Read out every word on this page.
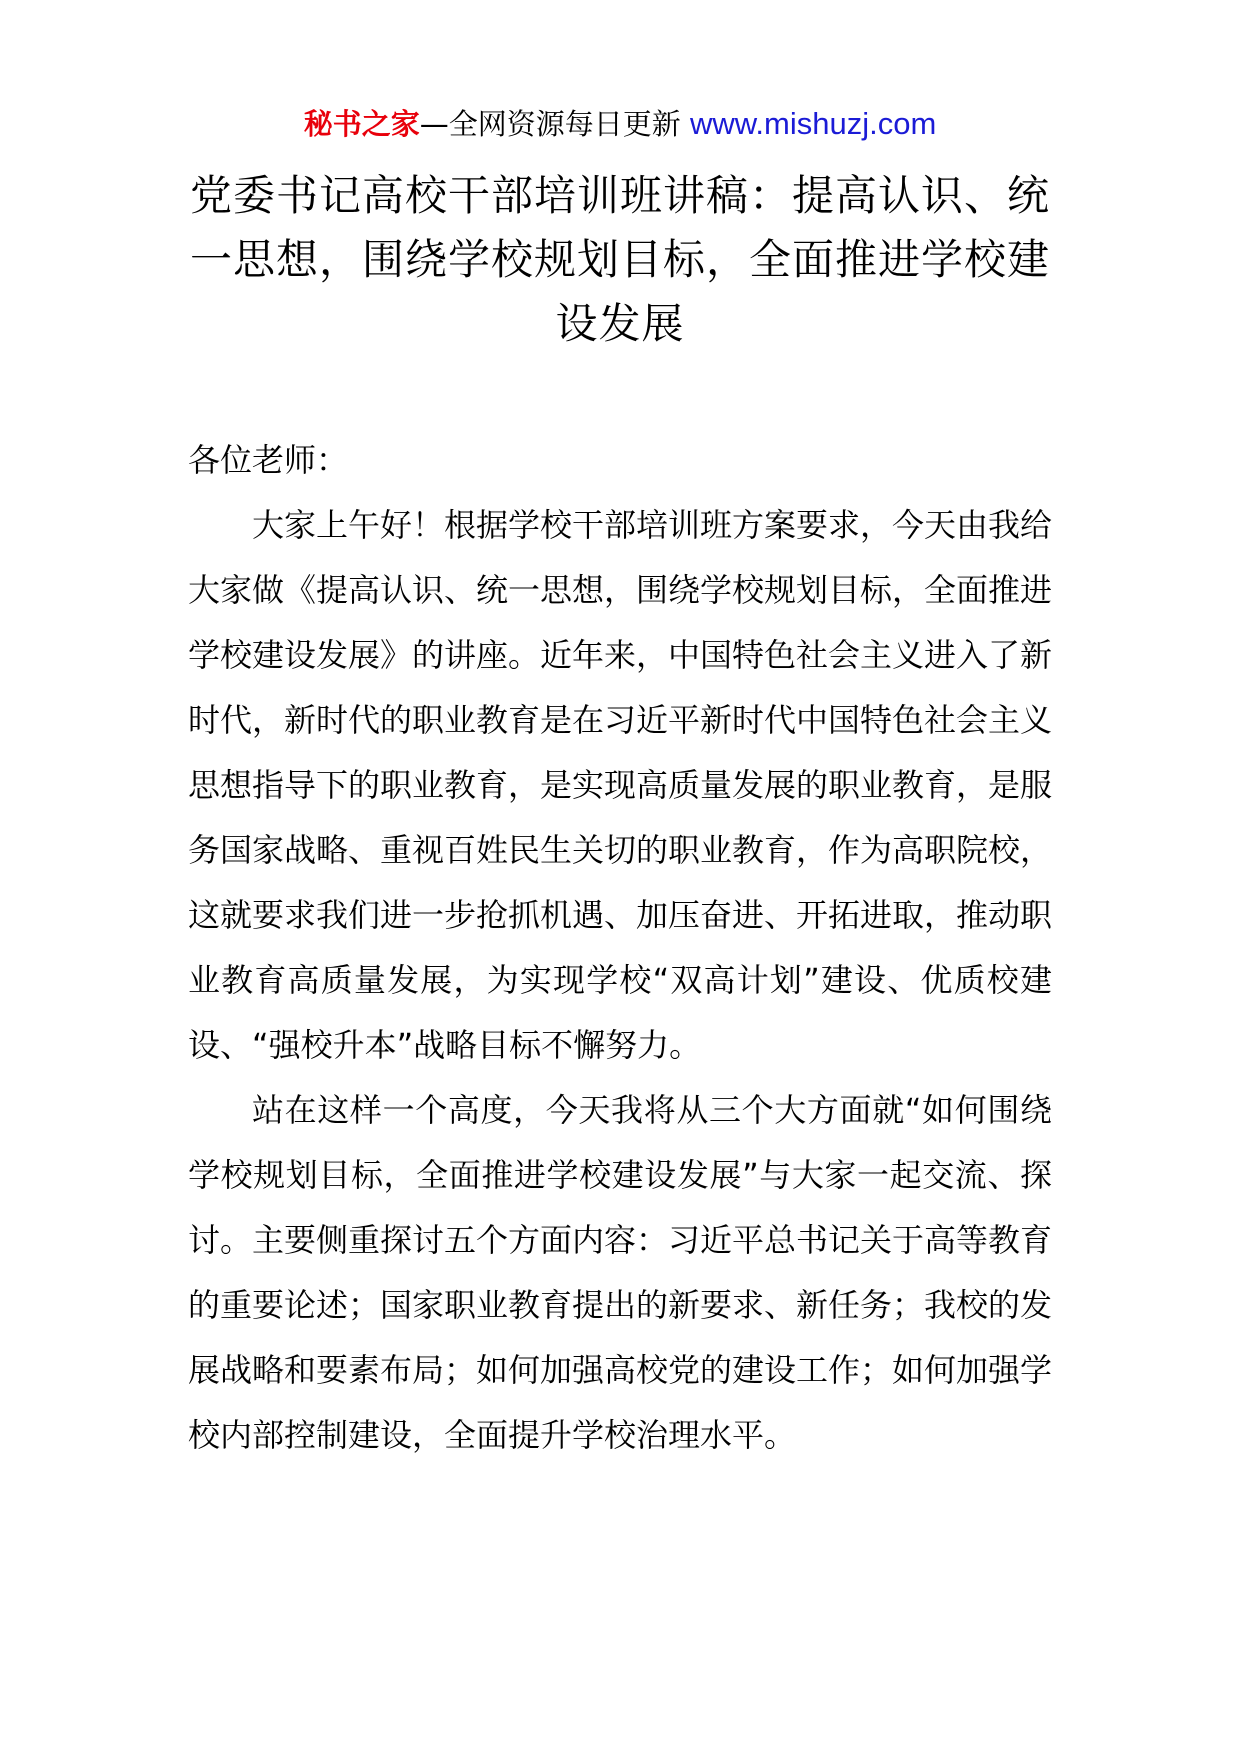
秘书之家—全网资源每日更新 www.mishuzj.com
党委书记高校干部培训班讲稿：提高认识、统一思想，围绕学校规划目标，全面推进学校建设发展

各位老师：

大家上午好！根据学校干部培训班方案要求，今天由我给大家做《提高认识、统一思想，围绕学校规划目标，全面推进学校建设发展》的讲座。近年来，中国特色社会主义进入了新时代，新时代的职业教育是在习近平新时代中国特色社会主义思想指导下的职业教育，是实现高质量发展的职业教育，是服务国家战略、重视百姓民生关切的职业教育，作为高职院校，这就要求我们进一步抢抓机遇、加压奋进、开拓进取，推动职业教育高质量发展，为实现学校“双高计划”建设、优质校建设、“强校升本”战略目标不懈努力。

站在这样一个高度，今天我将从三个大方面就“如何围绕学校规划目标，全面推进学校建设发展”与大家一起交流、探讨。主要侧重探讨五个方面内容：习近平总书记关于高等教育的重要论述；国家职业教育提出的新要求、新任务；我校的发展战略和要素布局；如何加强高校党的建设工作；如何加强学校内部控制建设，全面提升学校治理水平。
